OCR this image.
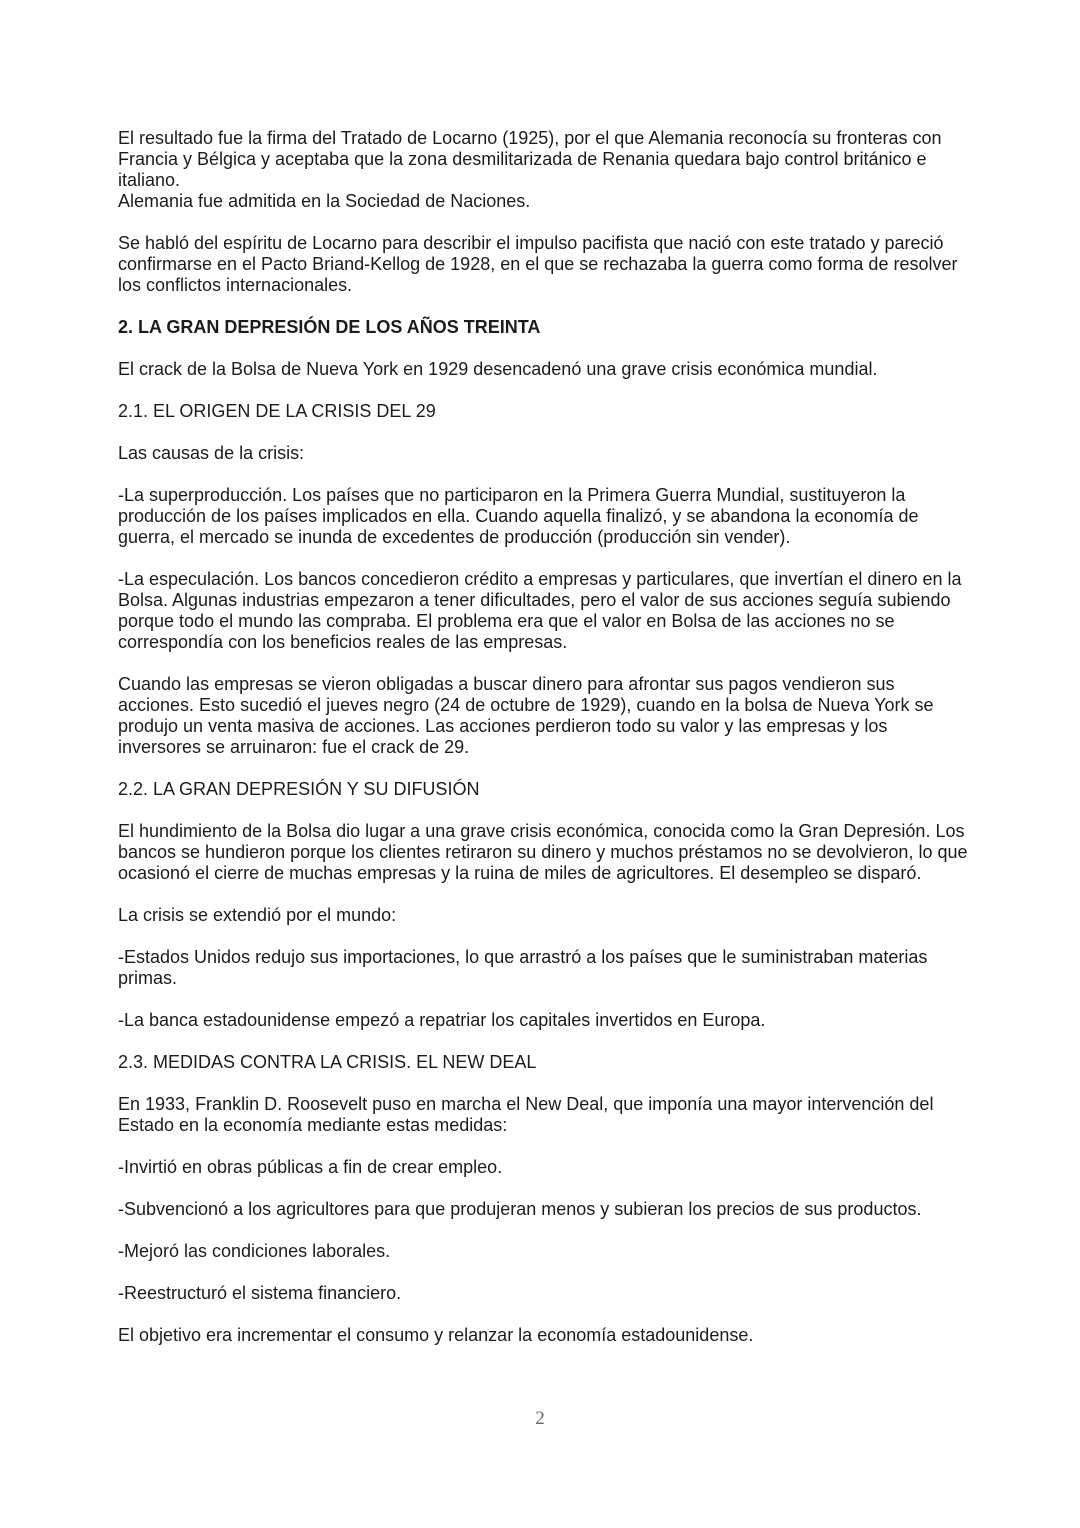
El resultado fue la firma del Tratado de Locarno (1925), por el que Alemania reconocía su fronteras con Francia y Bélgica y aceptaba que la zona desmilitarizada de Renania quedara bajo control británico e italiano.

Alemania fue admitida en la Sociedad de Naciones.

Se habló del espíritu de Locarno para describir el impulso pacifista que nació con este tratado y pareció confirmarse en el Pacto Briand-Kellog de 1928, en el que se rechazaba la guerra como forma de resolver los conflictos internacionales.

2. LA GRAN DEPRESIÓN DE LOS AÑOS TREINTA

El crack de la Bolsa de Nueva York en 1929 desencadenó una grave crisis económica mundial.

2.1. EL ORIGEN DE LA CRISIS DEL 29

Las causas de la crisis:

-La superproducción. Los países que no participaron en la Primera Guerra Mundial, sustituyeron la producción de los países implicados en ella. Cuando aquella finalizó, y se abandona la economía de guerra, el mercado se inunda de excedentes de producción (producción sin vender).

-La especulación. Los bancos concedieron crédito a empresas y particulares, que invertían el dinero en la Bolsa. Algunas industrias empezaron a tener dificultades, pero el valor de sus acciones seguía subiendo porque todo el mundo las compraba. El problema era que el valor en Bolsa de las acciones no se correspondía con los beneficios reales de las empresas.

Cuando las empresas se vieron obligadas a buscar dinero para afrontar sus pagos vendieron sus acciones. Esto sucedió el jueves negro (24 de octubre de 1929), cuando en la bolsa de Nueva York se produjo un venta masiva de acciones. Las acciones perdieron todo su valor y las empresas y los inversores se arruinaron: fue el crack de 29.

2.2. LA GRAN DEPRESIÓN Y SU DIFUSIÓN

El hundimiento de la Bolsa dio lugar a una grave crisis económica, conocida como la Gran Depresión. Los bancos se hundieron porque los clientes retiraron su dinero y muchos préstamos no se devolvieron, lo que ocasionó el cierre de muchas empresas y la ruina de miles de agricultores. El desempleo se disparó.

La crisis se extendió por el mundo:

-Estados Unidos redujo sus importaciones, lo que arrastró a los países que le suministraban materias primas.

-La banca estadounidense empezó a repatriar los capitales invertidos en Europa.

2.3. MEDIDAS CONTRA LA CRISIS. EL NEW DEAL

En 1933, Franklin D. Roosevelt puso en marcha el New Deal, que imponía una mayor intervención del Estado en la economía mediante estas medidas:

-Invirtió en obras públicas a fin de crear empleo.

-Subvencionó a los agricultores para que produjeran menos y subieran los precios de sus productos.

-Mejoró las condiciones laborales.

-Reestructuró el sistema financiero.

El objetivo era incrementar el consumo y relanzar la economía estadounidense.

2
